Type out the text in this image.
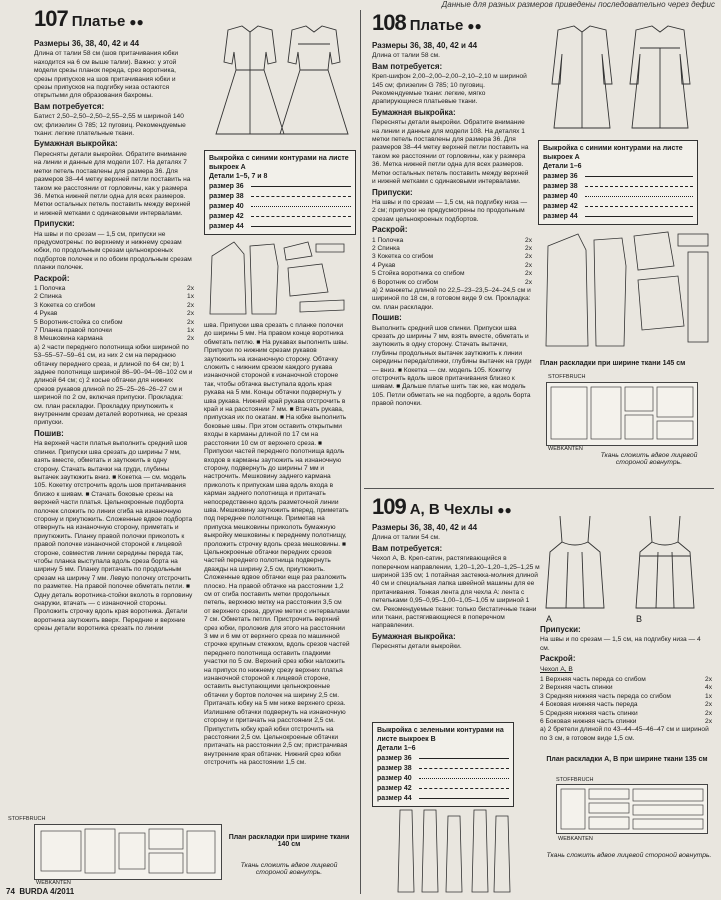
Данные для разных размеров приведены последовательно через дефис
107 Платье ●●

Размеры 36, 38, 40, 42 и 44

Длина от талии 58 см (шов притачивания юбки находится на 6 см выше талии). Важно: у этой модели срезы планок переда, срез воротника, срезы припусков на шов притачивания юбки и срезы припусков на подгибку низа остаются открытыми для образования бахромы.

Вам потребуется:

Батист 2,50–2,50–2,50–2,55–2,55 м шириной 140 см; флизелин G 785; 12 пуговиц. Рекомендуемые ткани: легкие плательные ткани.

Бумажная выкройка:

Пересняты детали выкройки. Обратите внимание на линии и данные для модели 107. На деталях 7 метки петель поставлены для размера 36. Для размеров 38–44 метку верхней петли поставить на таком же расстоянии от горловины, как у размера 36. Метка нижней петли одна для всех размеров. Метки остальных петель поставить между верхней и нижней метками с одинаковыми интервалами.

Припуски:

На швы и по срезам — 1,5 см, припуски не предусмотрены: по верхнему и нижнему срезам юбки, по продольным срезам цельнокроеных подбортов полочек и по обоим продольным срезам планки полочек.

Раскрой:

1 Полочка	2х
2 Спинка	1х
3 Кокетка со сгибом	2х
4 Рукав	2х
5 Воротник-стойка со сгибом	2х
7 Планка правой полочки	1х
8 Мешковина кармана	2х

а) 2 части переднего полотнища юбки шириной по 53–55–57–59–61 см, из них 2 см на переднюю обтачку переднего среза, и длиной по 64 см; b) 1 заднее полотнище шириной 86–90–94–98–102 см и длиной 64 см; c) 2 косые обтачки для нижних срезов рукавов длиной по 25–25–26–26–27 см и шириной по 2 см, включая припуски. Прокладка: см. план раскладки. Прокладку приутюжить к внутренним срезам деталей воротника, не срезая припуски.

Пошив:

На верхней части платья выполнить средний шов спинки. Припуски шва срезать до ширины 7 мм, взять вместе, обметать и заутюжить в одну сторону. Стачать вытачки на груди, глубины вытачек заутюжить вниз. ■ Кокетка — см. модель 105. Кокетку отстрочить вдоль шов притачивания близко к шивам. ■ Стачать боковые срезы на верхней части платья. Цельнокроеные подборта полочек сложить по линии сгиба на изнаночную сторону и приутюжить. Сложенные вдвое подборта отвернуть на изнаночную сторону, приметать и приутюжить. Планку правой полочки приколоть к правой полочке изнаночной стороной к лицевой стороне, совместив линии середины переда так, чтобы планка выступала вдоль среза борта на ширину 5 мм. Планку притачать по продольным срезам на ширину 7 мм. Левую полочку отстрочить по разметке. На правой полочке обметать петли. ■ Одну деталь воротника-стойки вколоть в горловину снаружи, втачать — с изнаночной стороны. Проложить строчку вдоль края воротника. Детали воротника заутюжить вверх. Передние и верхние срезы детали воротника срезать по линии

Выкройка с синими контурами на листе выкроек А
Детали 1–5, 7 и 8
размер 36
размер 38
размер 40
размер 42
размер 44

шва. Припуски шва срезать с планке полочки до ширины 5 мм. На правом конце воротника обметать петлю. ■ На рукавах выполнить швы. Припуски по нижним срезам рукавов заутюжить на изнаночную сторону. Обтачку сложить с нижним срезом каждого рукава изнаночной стороной к изнаночной стороне так, чтобы обтачка выступала вдоль края рукава на 5 мм. Концы обтачки подвернуть у шва рукава. Нижний край рукава отстрочить в край и на расстоянии 7 мм. ■ Втачать рукава, припуская их по окатам. ■ На юбке выполнить боковые швы. При этом оставить открытыми входы в карманы длиной по 17 см на расстоянии 10 см от верхнего среза. ■ Припуски частей переднего полотнища вдоль входов в карманы заутюжить на изнаночную сторону, подвернуть до ширины 7 мм и настрочить. Мешковину заднего кармана приколоть к припускам шва вдоль входа в карман заднего полотнища и притачать непосредственно вдоль разметочной линии шва. Мешковину заутюжить вперед, приметать под переднее полотнище. Приметав на припуска мешковины приколоть бумажную выкройку мешковины к переднему полотнищу, проложить строчку вдоль среза мешковины. ■ Цельнокроеные обтачки передних срезов частей переднего полотнища подвернуть дважды на ширину 2,5 см, приутюжить. Сложенные вдвое обтачки еще раз разложить плоско. На правой обтачке на расстоянии 1,2 см от сгиба поставить метки продольных петель, верхнюю метку на расстоянии 3,5 см от верхнего среза, другие метки с интервалами 7 см. Обметать петли. Пристрочить верхний срез юбки, проложив для этого на расстоянии 3 мм и 6 мм от верхнего среза по машинной строчке крупным стежком, вдоль срезов частей переднего полотнища оставить гладкими участки по 5 см. Верхний срез юбки наложить на припуск по нижнему срезу верхних платья изнаночной стороной к лицевой стороне, оставить выступающими цельнокроеные обтачки у бортов полочек на ширину 2,5 см. Притачать юбку на 5 мм ниже верхнего среза. Излишние обтачки подвернуть на изнаночную сторону и притачать на расстоянии 2,5 см. Припустить юбку край юбки отстрочить на расстоянии 2,5 см. Цельнокроеные обтачки притачать на расстоянии 2,5 см; пристрачивая внутренние края обтачек. Нижний срез юбки отстрочить на расстоянии 1,5 см.

STOFFBRUCH
WEBKANTEN
План раскладки при ширине ткани 140 см
Ткань сложить вдвое лицевой стороной вовнутрь.
108 Платье ●●

Размеры 36, 38, 40, 42 и 44

Длина от талии 58 см.

Вам потребуется:

Креп-шифон 2,00–2,00–2,00–2,10–2,10 м шириной 145 см; флизелин G 785; 10 пуговиц. Рекомендуемые ткани: легкие, мягко драпирующиеся платьевые ткани.

Бумажная выкройка:

Пересняты детали выкройки. Обратите внимание на линии и данные для модели 108. На деталях 1 метки петель поставлены для размера 36. Для размеров 38–44 метку верхней петли поставить на таком же расстоянии от горловины, как у размера 36. Метка нижней петли одна для всех размеров. Метки остальных петель поставить между верхней и нижней метками с одинаковыми интервалами.

Припуски:

На швы и по срезам — 1,5 см, на подгибку низа — 2 см; припуски не предусмотрены по продольным срезам цельнокроеных подбортов.

Раскрой:

1 Полочка	2х
2 Спинка	2х
3 Кокетка со сгибом	2х
4 Рукав	2х
5 Стойка воротника со сгибом	2х
6 Воротник со сгибом	2х

а) 2 манжеты длиной по 22,5–23–23,5–24–24,5 см и шириной по 18 см, в готовом виде 9 см. Прокладка: см. план раскладки.

Пошив:

Выполнить средний шов спинки. Припуски шва срезать до ширины 7 мм, взять вместе, обметать и заутюжить в одну сторону. Стачать вытачки, глубины продольных вытачек заутюжить к линии середины переда/спинки, глубины вытачек на груди — вниз. ■ Кокетка — см. модель 105. Кокетку отстрочить вдоль швов притачивания близко к шивам. ■ Дальше платье шить так же, как модель 105. Петли обметать не на подборте, а вдоль борта правой полочки.

Выкройка с синими контурами на листе выкроек А
Детали 1–6
размер 36
размер 38
размер 40
размер 42
размер 44
План раскладки при ширине ткани 145 см
STOFFBRUCH
WEBKANTEN
Ткань сложить вдвое лицевой стороной вовнутрь.
109 А, В Чехлы ●●

Размеры 36, 38, 40, 42 и 44

Длина от талии 54 см.

Вам потребуется:

Чехол А, В. Креп-сатин, растягивающийся в поперечном направлении, 1,20–1,20–1,20–1,25–1,25 м шириной 135 см; 1 потайная застежка-молния длиной 40 см и специальная лапка швейной машины для ее притачивания. Тонкая лента для чехла А: лента с петельками 0,95–0,95–1,00–1,05–1,05 м шириной 1 см. Рекомендуемые ткани: только бистатичные ткани или ткани, растягивающиеся в поперечном направлении.

Бумажная выкройка:

Пересняты детали выкройки.

Выкройка с зелеными контурами на листе выкроек В
Детали 1–6
размер 36
размер 38
размер 40
размер 42
размер 44
A	B

Припуски:

На швы и по срезам — 1,5 см, на подгибку низа — 4 см.

Раскрой:

Чехол А, В

1 Верхняя часть переда со сгибом	2х
2 Верхняя часть спинки	4х
3 Средняя нижняя часть переда со сгибом	1х
4 Боковая нижняя часть переда	2х
5 Средняя нижняя часть спинки	2х
6 Боковая нижняя часть спинки	2х

а) 2 бретели длиной по 43–44–45–46–47 см и шириной по 3 см, в готовом виде 1,5 см.

План раскладки А, В при ширине ткани 135 см
STOFFBRUCH
WEBKANTEN
Ткань сложить вдвое лицевой стороной вовнутрь.
74 BURDA 4/2011
